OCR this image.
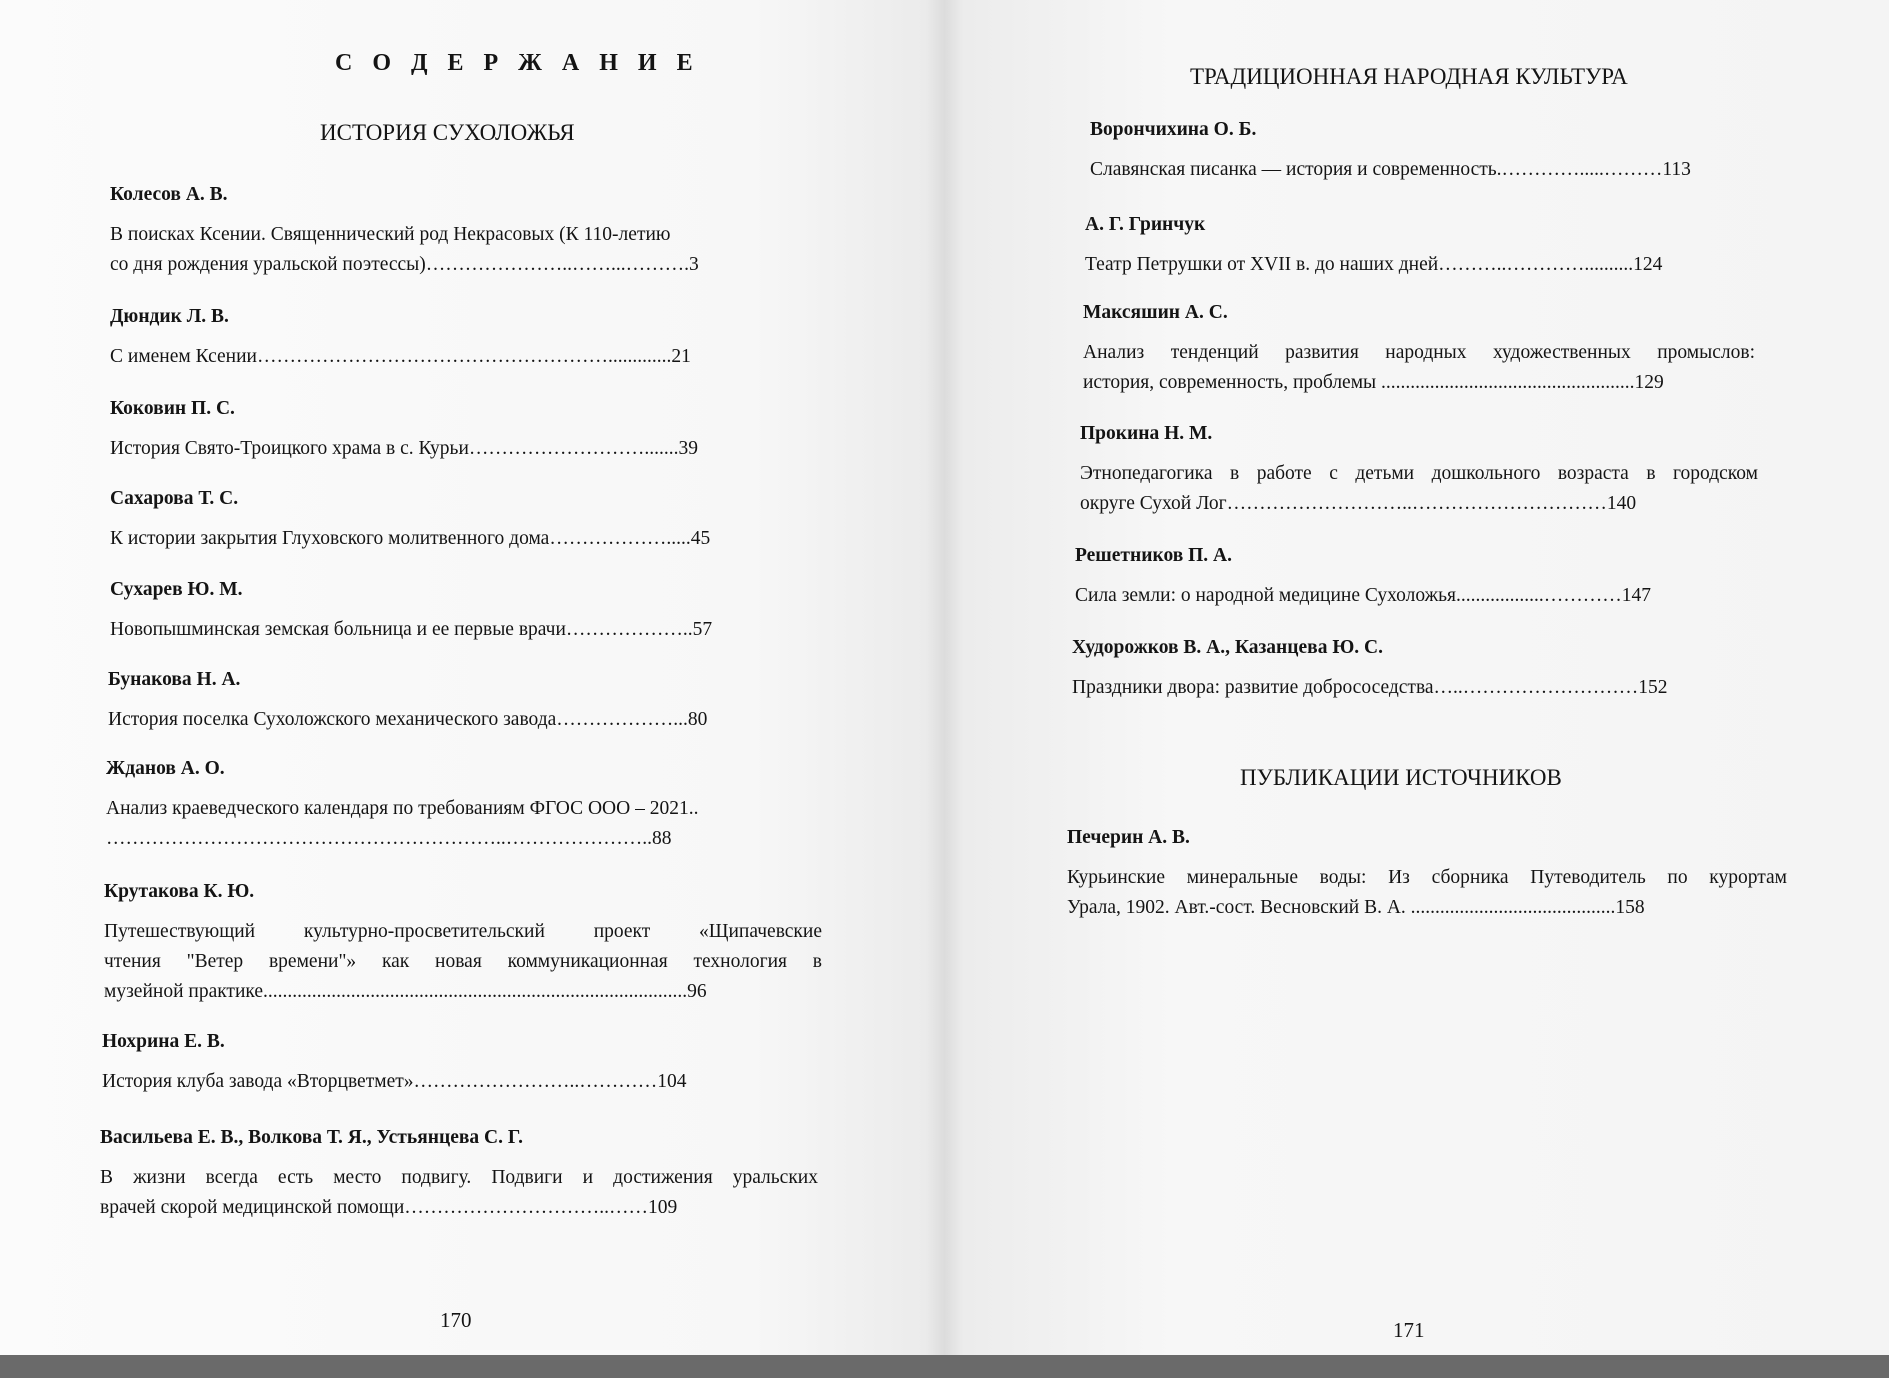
С О Д Е Р Ж А Н И Е
ИСТОРИЯ СУХОЛОЖЬЯ
Колесов А. В.
В поисках Ксении. Священнический род Некрасовых (К 110-летию
со дня рождения уральской поэтессы)…………………..……...……….3
Дюндик Л. В.
С именем Ксении……………………………………………….............21
Коковин П. С.
История Свято-Троицкого храма в с. Курьи……………………….......39
Сахарова Т. С.
К истории закрытия Глуховского молитвенного дома……………….....45
Сухарев Ю. М.
Новопышминская земская больница и ее первые врачи………………..57
Бунакова Н. А.
История поселка Сухоложского механического завода………………...80
Жданов А. О.
Анализ краеведческого календаря по требованиям ФГОС ООО – 2021..
……………………………………………………..…………………..88
Крутакова К. Ю.
Путешествующий культурно-просветительский проект «Щипачевские
чтения "Ветер времени"» как новая коммуникационная технология в
музейной практике.......................................................................................96
Нохрина Е. В.
История клуба завода «Вторцветмет»……………………..…………104
Васильева Е. В., Волкова Т. Я., Устьянцева С. Г.
В жизни всегда есть место подвигу. Подвиги и достижения уральских
врачей скорой медицинской помощи…………………………..……109
170
ТРАДИЦИОННАЯ НАРОДНАЯ КУЛЬТУРА
Ворончихина О. Б.
Славянская писанка — история и современность.………….....………113
А. Г. Гринчук
Театр Петрушки от XVII в. до наших дней………..…………..........124
Максяшин А. С.
Анализ тенденций развития народных художественных промыслов:
история, современность, проблемы ....................................................129
Прокина Н. М.
Этнопедагогика в работе с детьми дошкольного возраста в городском
округе Сухой Лог………………………..…………………………140
Решетников П. А.
Сила земли: о народной медицине Сухоложья..................…………147
Худорожков В. А., Казанцева Ю. С.
Праздники двора: развитие добрососедства…..………………………152
ПУБЛИКАЦИИ ИСТОЧНИКОВ
Печерин А. В.
Курьинские минеральные воды: Из сборника Путеводитель по курортам
Урала, 1902. Авт.-сост. Весновский В. А. ..........................................158
171
